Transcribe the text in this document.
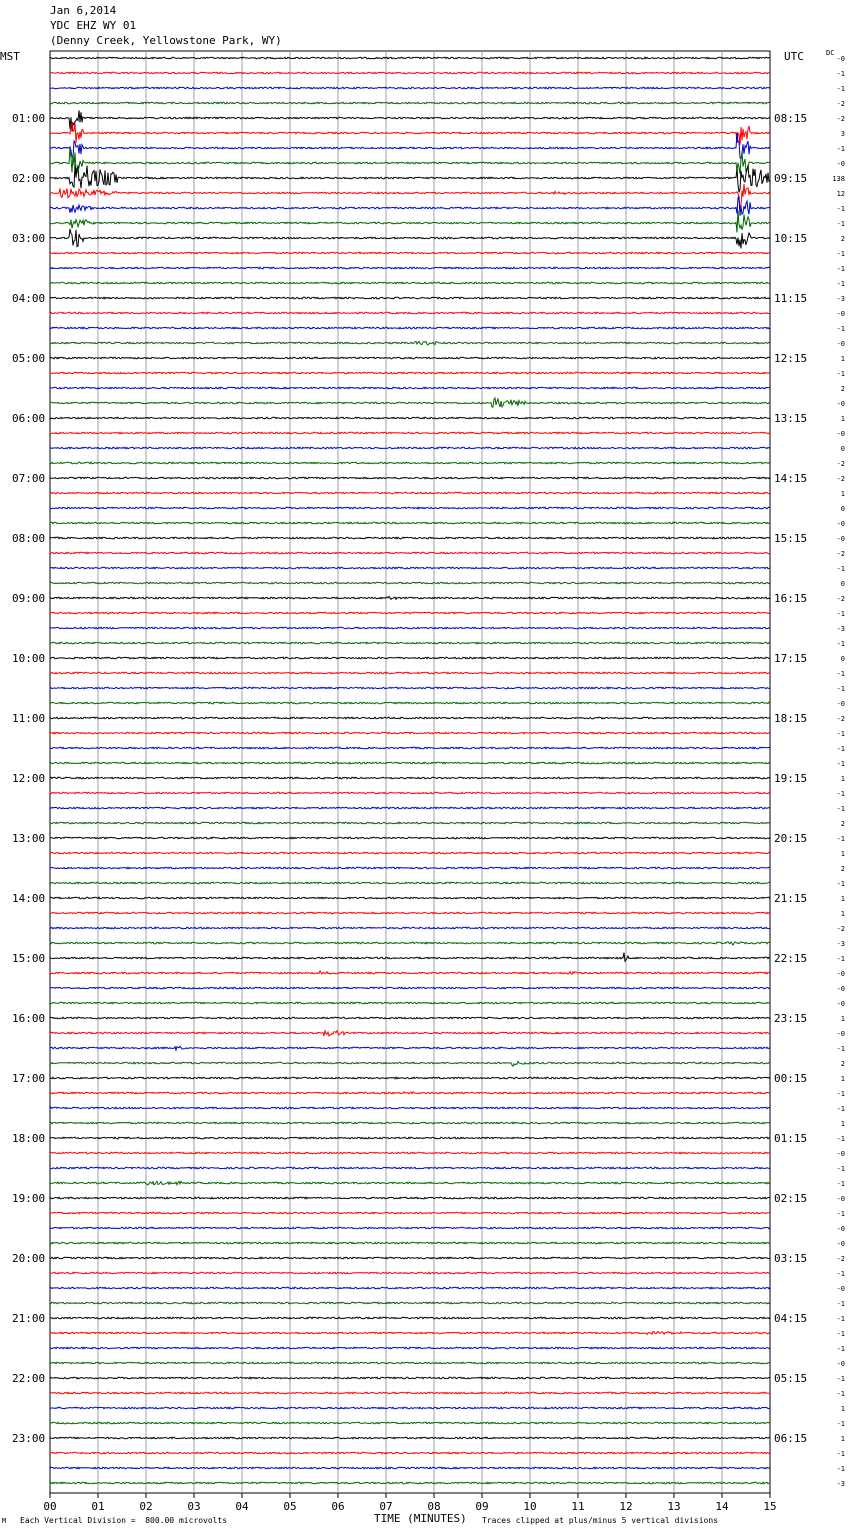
Jan 6,2014
YDC EHZ WY 01
(Denny Creek, Yellowstone Park, WY)
00	01	02	03	04	05	06	07	08	09	10	11	12	13	14	15
-0
-1
-1
-2
-2
3
-1
-0
138
12
-1
-1
2
-1
-1
-1
-3
-0
-1
-0
1
-1
2
-0
1
-0
0
-2
-2
1
0
-0
-0
-2
-1
0
-2
-1
-3
-1
0
-1
-1
-0
-2
-1
-1
-1
1
-1
-1
2
-1
1
2
-1
1
1
-2
-3
-1
-0
-0
-0
1
-0
-1
2
1
-1
-1
1
-1
-0
-1
-1
-0
-1
-0
-0
-2
-1
-0
-1
-1
-1
-1
-0
-1
-1
1
-1
1
-1
-1
-3
01:00
02:00
03:00
04:00
05:00
06:00
07:00
08:00
09:00
10:00
11:00
12:00
13:00
14:00
15:00
16:00
17:00
18:00
19:00
20:00
21:00
22:00
23:00
08:15
09:15
10:15
11:15
12:15
13:15
14:15
15:15
16:15
17:15
18:15
19:15
20:15
21:15
22:15
23:15
00:15
01:15
02:15
03:15
04:15
05:15
06:15
MST	UTC	DC
M Each Vertical Division =  800.00 microvolts	TIME (MINUTES) Traces clipped at plus/minus 5 vertical divisions
